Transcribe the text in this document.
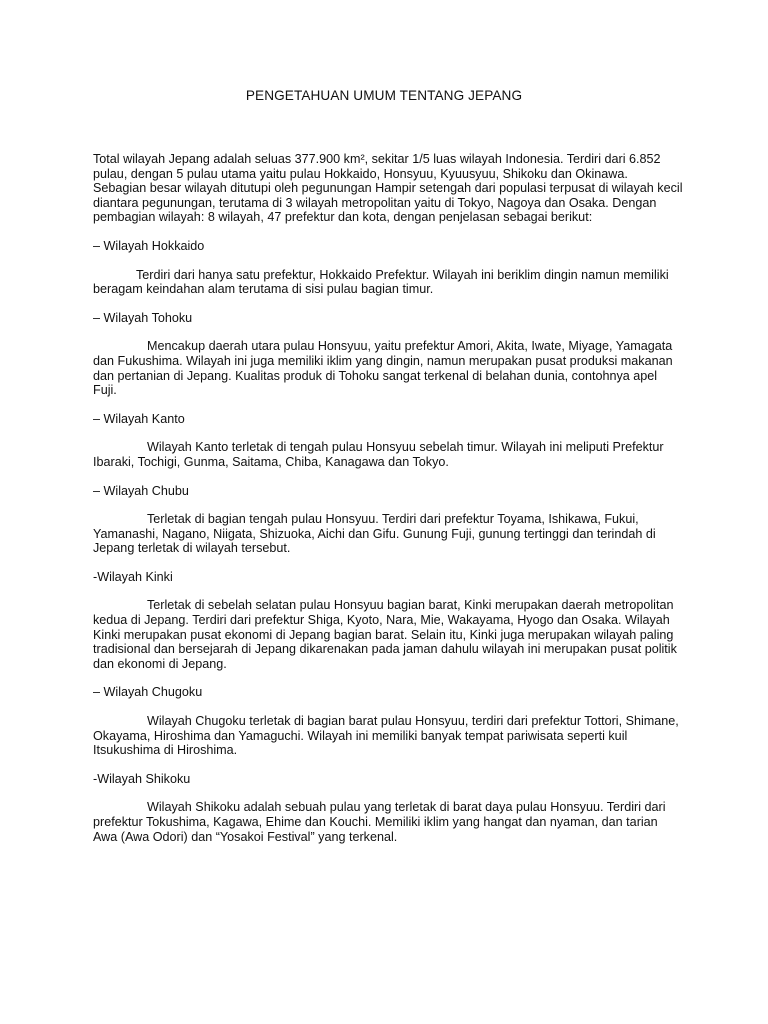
PENGETAHUAN UMUM TENTANG JEPANG

Total wilayah Jepang adalah seluas 377.900 km², sekitar 1/5 luas wilayah Indonesia. Terdiri dari 6.852 pulau, dengan 5 pulau utama yaitu pulau Hokkaido, Honsyuu, Kyuusyuu, Shikoku dan Okinawa. Sebagian besar wilayah ditutupi oleh pegunungan Hampir setengah dari populasi terpusat di wilayah kecil diantara pegunungan, terutama di 3 wilayah metropolitan yaitu di Tokyo, Nagoya dan Osaka. Dengan pembagian wilayah: 8 wilayah, 47 prefektur dan kota, dengan penjelasan sebagai berikut:

– Wilayah Hokkaido

Terdiri dari hanya satu prefektur, Hokkaido Prefektur. Wilayah ini beriklim dingin namun memiliki beragam keindahan alam terutama di sisi pulau bagian timur.

– Wilayah Tohoku

Mencakup daerah utara pulau Honsyuu, yaitu prefektur Amori, Akita, Iwate, Miyage, Yamagata dan Fukushima. Wilayah ini juga memiliki iklim yang dingin, namun merupakan pusat produksi makanan dan pertanian di Jepang. Kualitas produk di Tohoku sangat terkenal di belahan dunia, contohnya apel Fuji.

– Wilayah Kanto

Wilayah Kanto terletak di tengah pulau Honsyuu sebelah timur. Wilayah ini meliputi Prefektur Ibaraki, Tochigi, Gunma, Saitama, Chiba, Kanagawa dan Tokyo.

– Wilayah Chubu

Terletak di bagian tengah pulau Honsyuu. Terdiri dari prefektur Toyama, Ishikawa, Fukui, Yamanashi, Nagano, Niigata, Shizuoka, Aichi dan Gifu. Gunung Fuji, gunung tertinggi dan terindah di Jepang terletak di wilayah tersebut.

-Wilayah Kinki

Terletak di sebelah selatan pulau Honsyuu bagian barat, Kinki merupakan daerah metropolitan kedua di Jepang. Terdiri dari prefektur Shiga, Kyoto, Nara, Mie, Wakayama, Hyogo dan Osaka. Wilayah Kinki merupakan pusat ekonomi di Jepang bagian barat. Selain itu, Kinki juga merupakan wilayah paling tradisional dan bersejarah di Jepang dikarenakan pada jaman dahulu wilayah ini merupakan pusat politik dan ekonomi di Jepang.

– Wilayah Chugoku

Wilayah Chugoku terletak di bagian barat pulau Honsyuu, terdiri dari prefektur Tottori, Shimane, Okayama, Hiroshima dan Yamaguchi. Wilayah ini memiliki banyak tempat pariwisata seperti kuil Itsukushima di Hiroshima.

-Wilayah Shikoku

Wilayah Shikoku adalah sebuah pulau yang terletak di barat daya pulau Honsyuu. Terdiri dari prefektur Tokushima, Kagawa, Ehime dan Kouchi. Memiliki iklim yang hangat dan nyaman, dan tarian Awa (Awa Odori) dan “Yosakoi Festival” yang terkenal.
